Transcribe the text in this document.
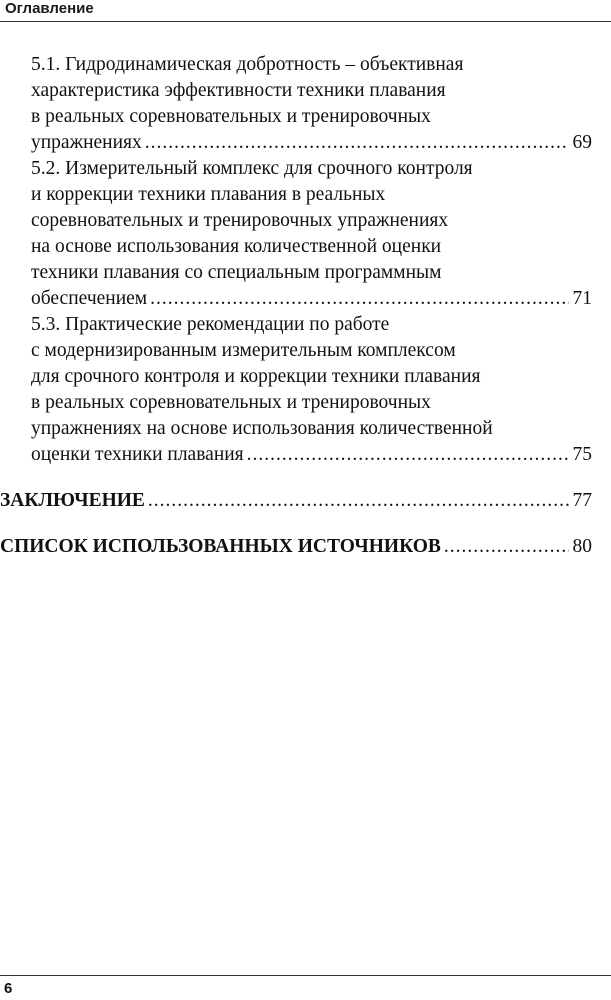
Оглавление
5.1. Гидродинамическая добротность – объективная
характеристика эффективности техники плавания
в реальных соревновательных и тренировочных
упражнениях .....	69
5.2. Измерительный комплекс для срочного контроля
и коррекции техники плавания в реальных
соревновательных и тренировочных упражнениях
на основе использования количественной оценки
техники плавания со специальным программным
обеспечением .....	71
5.3. Практические рекомендации по работе
с модернизированным измерительным комплексом
для срочного контроля и коррекции техники плавания
в реальных соревновательных и тренировочных
упражнениях на основе использования количественной
оценки техники плавания .....	75
ЗАКЛЮЧЕНИЕ .....	77
СПИСОК ИСПОЛЬЗОВАННЫХ ИСТОЧНИКОВ .....	80
6
